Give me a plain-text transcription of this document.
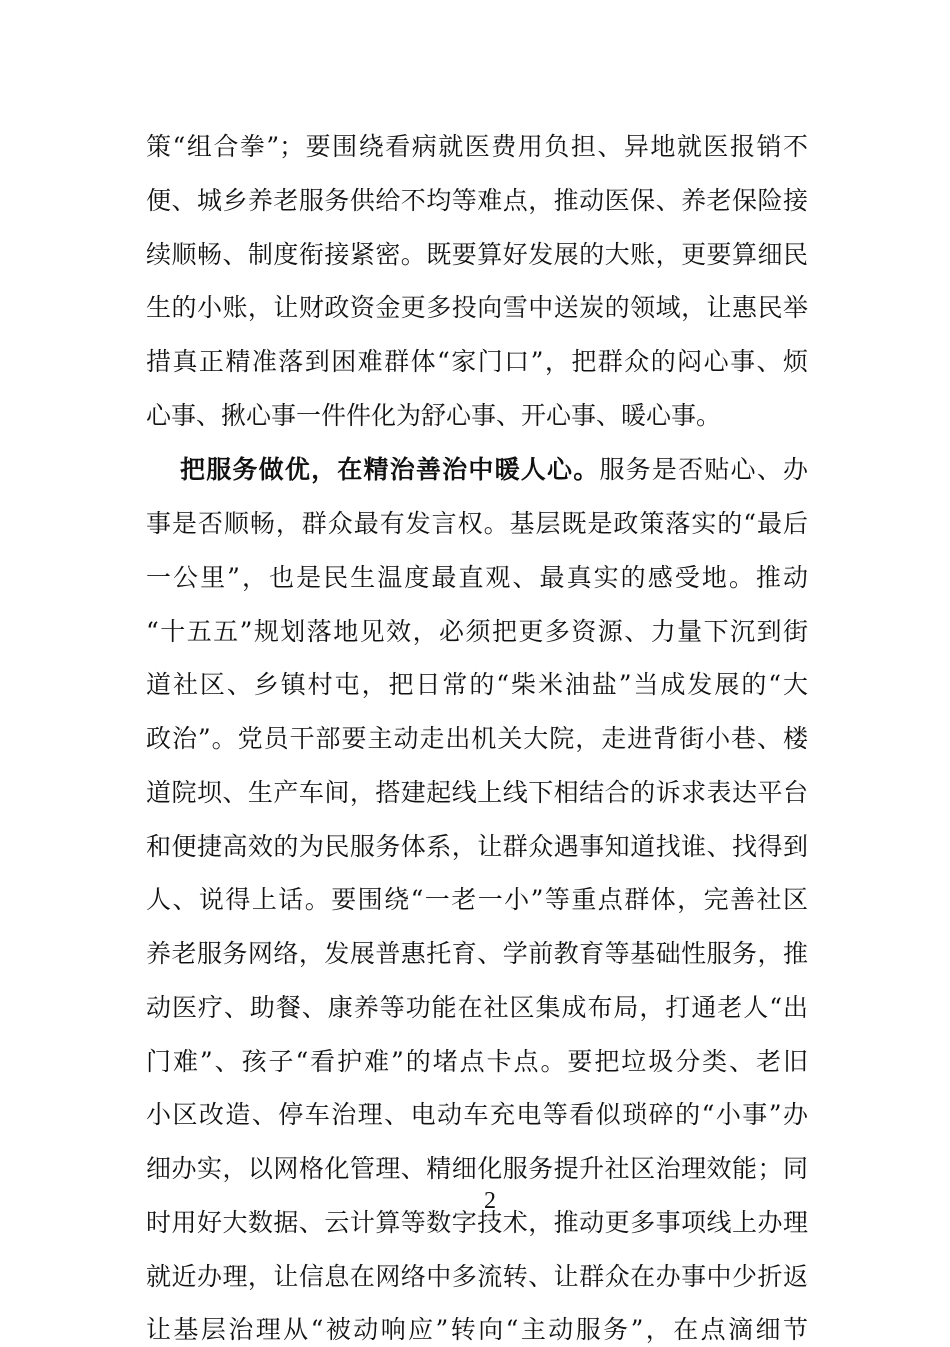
策“组合拳”；要围绕看病就医费用负担、异地就医报销不
便、城乡养老服务供给不均等难点，推动医保、养老保险接
续顺畅、制度衔接紧密。既要算好发展的大账，更要算细民
生的小账，让财政资金更多投向雪中送炭的领域，让惠民举
措真正精准落到困难群体“家门口”，把群众的闷心事、烦
心事、揪心事一件件化为舒心事、开心事、暖心事。
把服务做优，在精治善治中暖人心。服务是否贴心、办
事是否顺畅，群众最有发言权。基层既是政策落实的“最后
一公里”，也是民生温度最直观、最真实的感受地。推动
“十五五”规划落地见效，必须把更多资源、力量下沉到街
道社区、乡镇村屯，把日常的“柴米油盐”当成发展的“大
政治”。党员干部要主动走出机关大院，走进背街小巷、楼
道院坝、生产车间，搭建起线上线下相结合的诉求表达平台
和便捷高效的为民服务体系，让群众遇事知道找谁、找得到
人、说得上话。要围绕“一老一小”等重点群体，完善社区
养老服务网络，发展普惠托育、学前教育等基础性服务，推
动医疗、助餐、康养等功能在社区集成布局，打通老人“出
门难”、孩子“看护难”的堵点卡点。要把垃圾分类、老旧
小区改造、停车治理、电动车充电等看似琐碎的“小事”办
细办实，以网格化管理、精细化服务提升社区治理效能；同
时用好大数据、云计算等数字技术，推动更多事项线上办理
就近办理，让信息在网络中多流转、让群众在办事中少折返
让基层治理从“被动响应”转向“主动服务”，在点滴细节
2
